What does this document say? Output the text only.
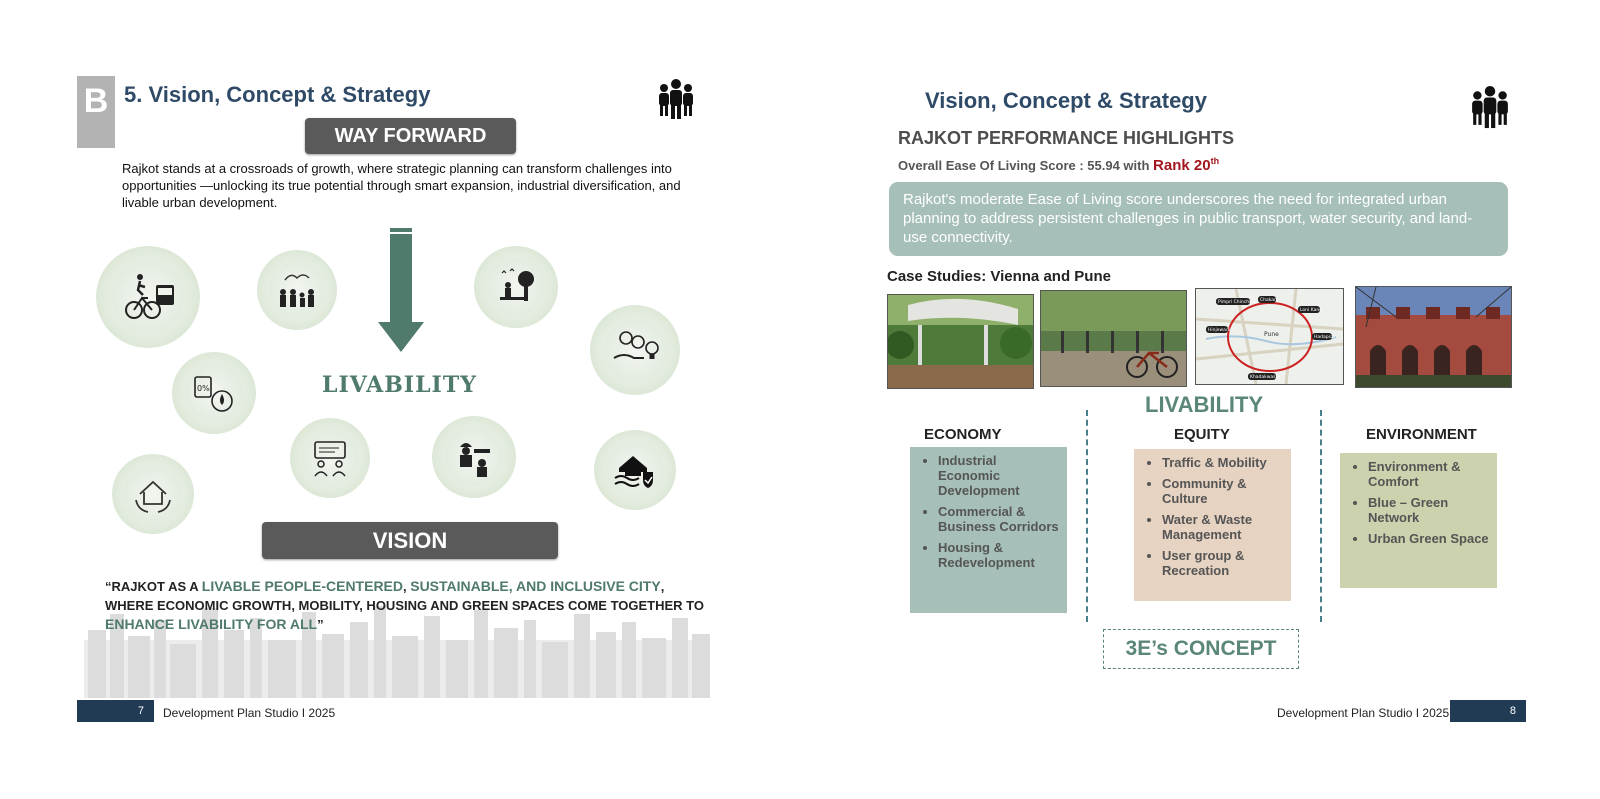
B 5. Vision, Concept & Strategy
WAY FORWARD
Rajkot stands at a crossroads of growth, where strategic planning can transform challenges into opportunities —unlocking its true potential through smart expansion, industrial diversification, and livable urban development.
0%	LIVABILITY
VISION
“RAJKOT AS A LIVABLE PEOPLE-CENTERED, SUSTAINABLE, AND INCLUSIVE CITY, WHERE ECONOMIC GROWTH, MOBILITY, HOUSING AND GREEN SPACES COME TOGETHER TO ENHANCE LIVABILITY FOR ALL”
7 Development Plan Studio I 2025
Vision, Concept & Strategy
RAJKOT PERFORMANCE HIGHLIGHTS
Overall Ease Of Living Score : 55.94 with Rank 20th
Rajkot's moderate Ease of Living score underscores the need for integrated urban planning to address persistent challenges in public transport, water security, and land-use connectivity.
Case Studies: Vienna and Pune
Pimpri Chinchwad Chakan
Loni Kand
Hinjewadi
Pune	Hadapsar
Khadakwasla
LIVABILITY
ECONOMY
• Industrial Economic Development
• Commercial & Business Corridors
• Housing & Redevelopment
EQUITY
• Traffic & Mobility
• Community & Culture
• Water & Waste Management
• User group & Recreation
ENVIRONMENT
• Environment & Comfort
• Blue – Green Network
• Urban Green Space
3E’s CONCEPT
Development Plan Studio I 2025	8
